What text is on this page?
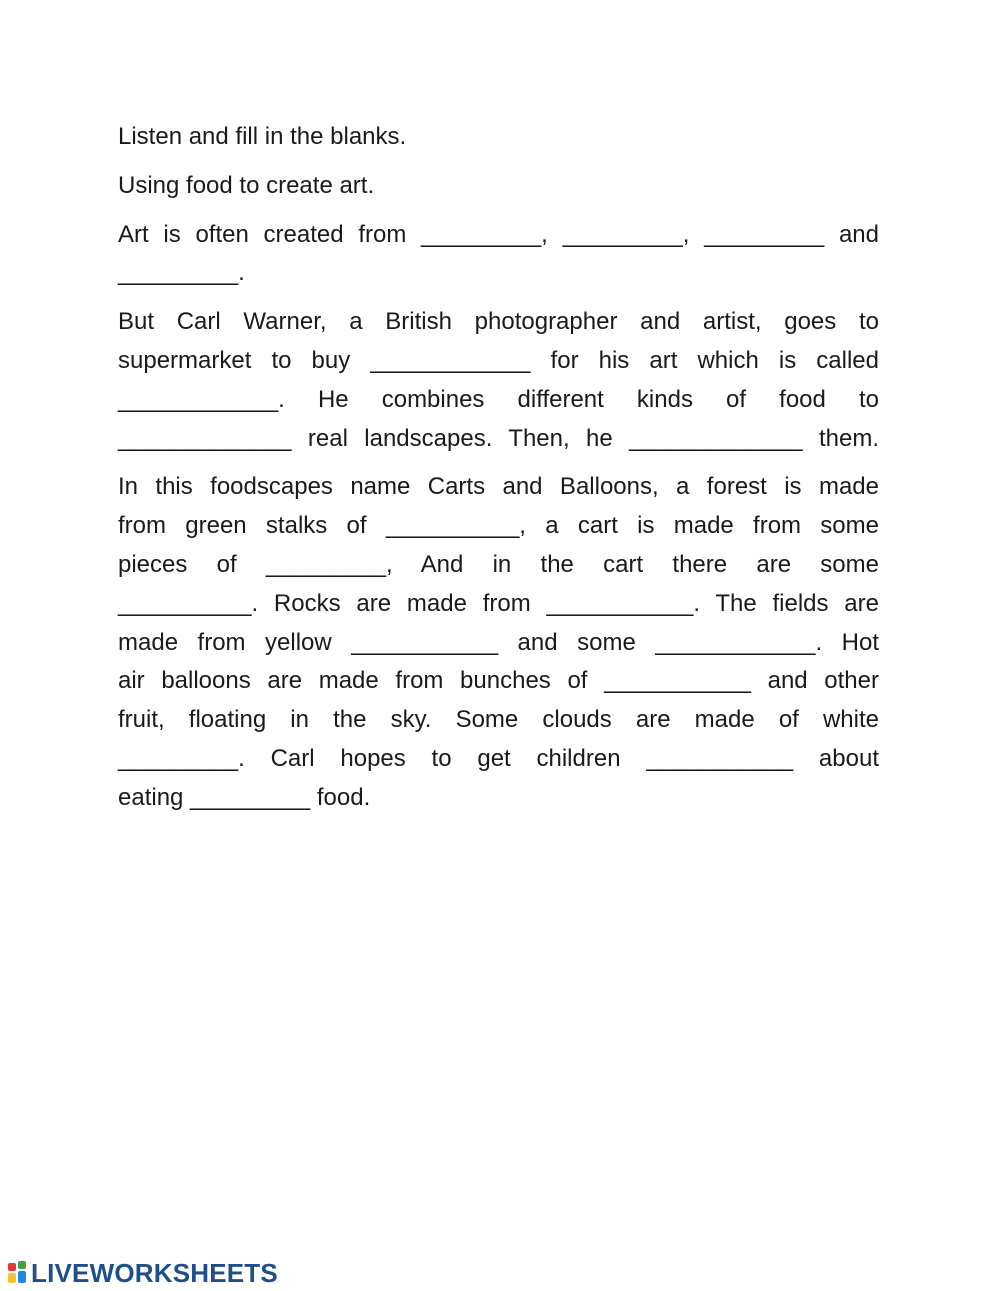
Listen and fill in the blanks.

Using food to create art.

Art is often created from _________, _________, _________ and
_________.

But Carl Warner, a British photographer and artist, goes to
supermarket to buy ____________ for his art which is called
____________. He combines different kinds of food to
_____________ real landscapes. Then, he _____________ them.

In this foodscapes name Carts and Balloons, a forest is made
from green stalks of __________, a cart is made from some
pieces of _________, And in the cart there are some
__________. Rocks are made from ___________. The fields are
made from yellow ___________ and some ____________. Hot
air balloons are made from bunches of ___________ and other
fruit, floating in the sky. Some clouds are made of white
_________. Carl hopes to get children ___________ about
eating _________ food.

LIVEWORKSHEETS
